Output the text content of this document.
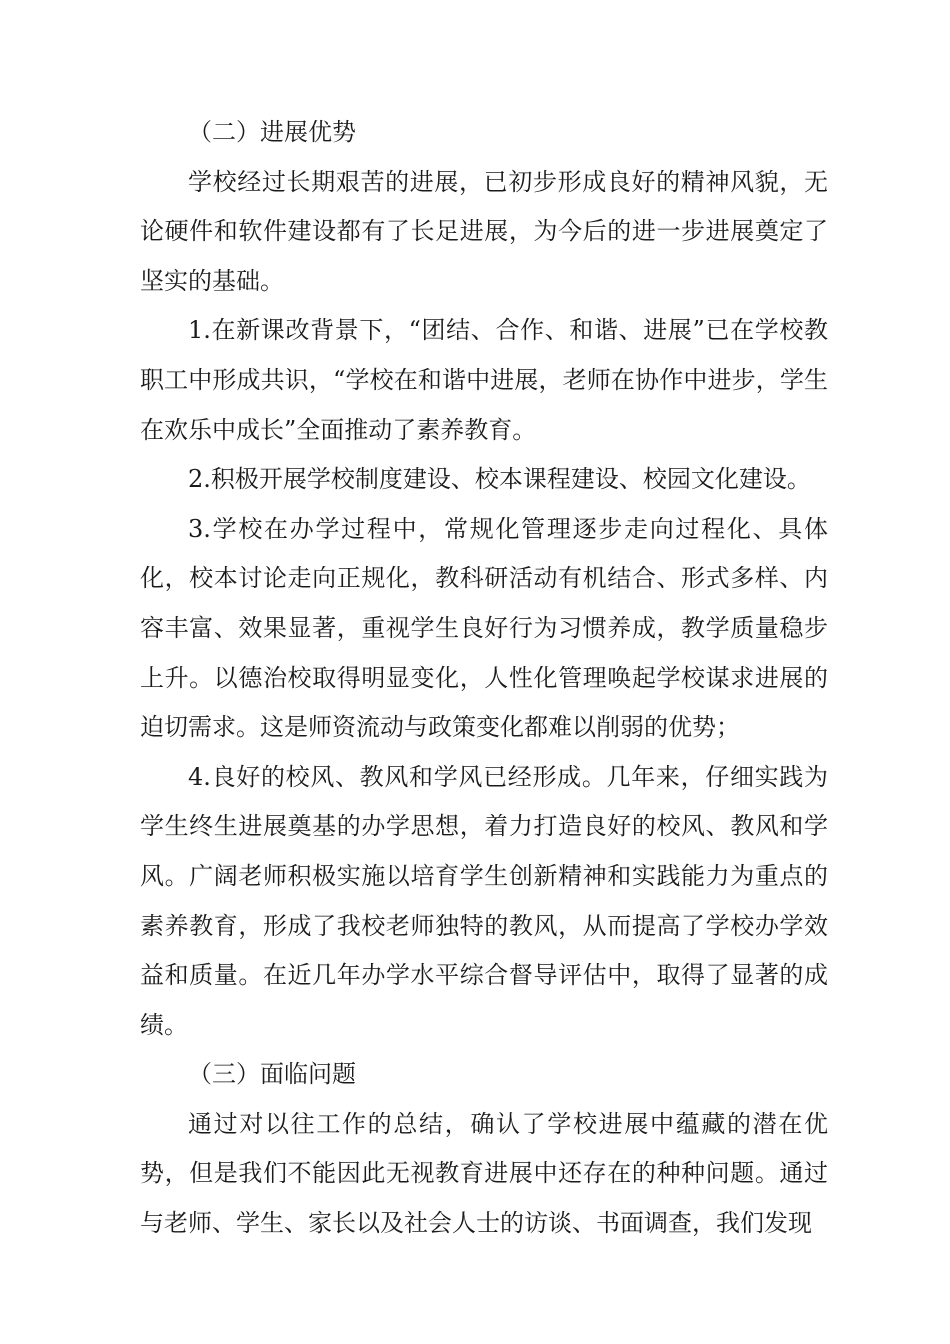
（二）进展优势

学校经过长期艰苦的进展，已初步形成良好的精神风貌，无论硬件和软件建设都有了长足进展，为今后的进一步进展奠定了坚实的基础。

1.在新课改背景下，“团结、合作、和谐、进展”已在学校教职工中形成共识，“学校在和谐中进展，老师在协作中进步，学生在欢乐中成长”全面推动了素养教育。

2.积极开展学校制度建设、校本课程建设、校园文化建设。

3.学校在办学过程中，常规化管理逐步走向过程化、具体化，校本讨论走向正规化，教科研活动有机结合、形式多样、内容丰富、效果显著，重视学生良好行为习惯养成，教学质量稳步上升。以德治校取得明显变化，人性化管理唤起学校谋求进展的迫切需求。这是师资流动与政策变化都难以削弱的优势；

4.良好的校风、教风和学风已经形成。几年来，仔细实践为学生终生进展奠基的办学思想，着力打造良好的校风、教风和学风。广阔老师积极实施以培育学生创新精神和实践能力为重点的素养教育，形成了我校老师独特的教风，从而提高了学校办学效益和质量。在近几年办学水平综合督导评估中，取得了显著的成绩。

（三）面临问题

通过对以往工作的总结，确认了学校进展中蕴藏的潜在优势，但是我们不能因此无视教育进展中还存在的种种问题。通过与老师、学生、家长以及社会人士的访谈、书面调查，我们发现
